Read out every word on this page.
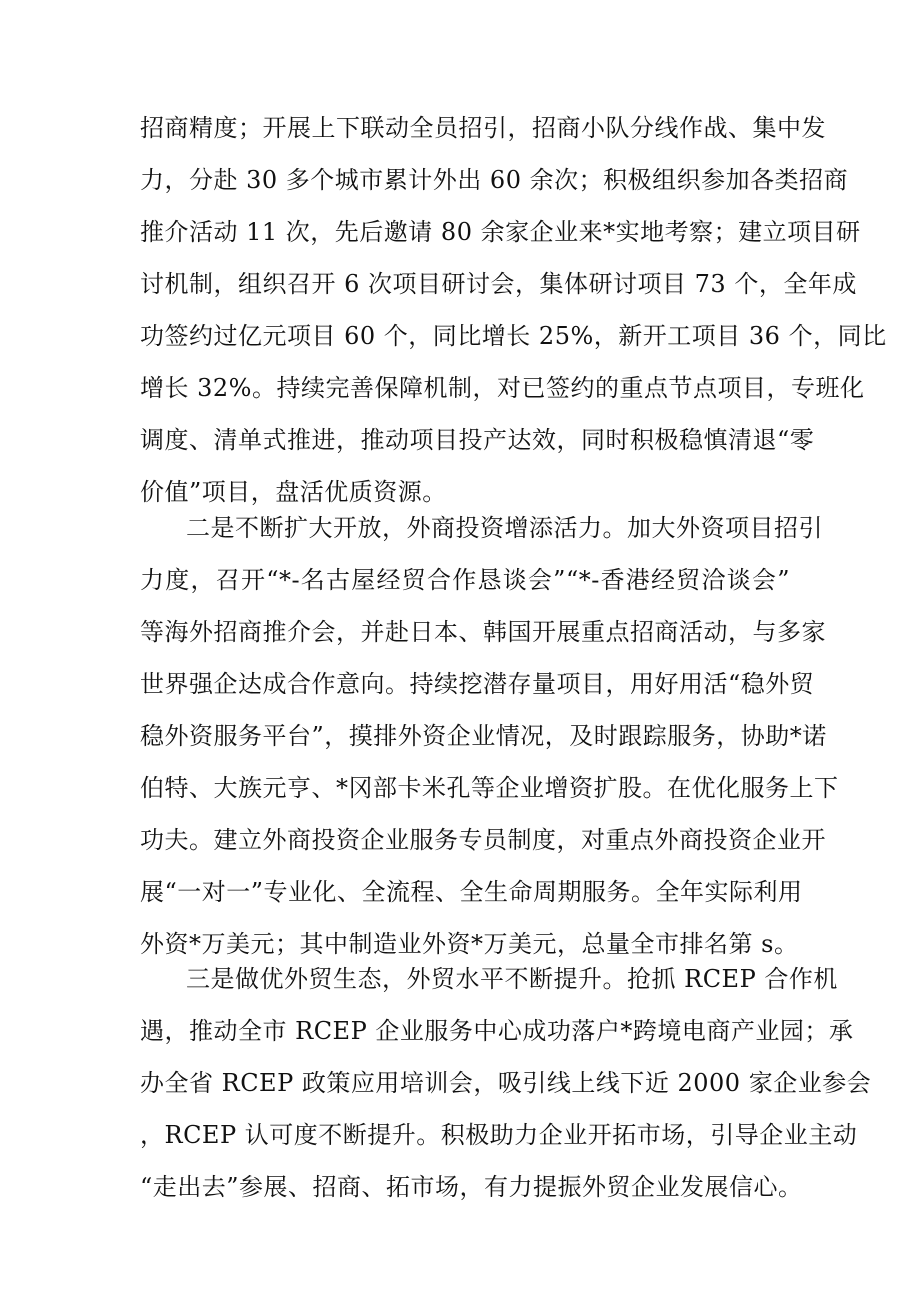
招商精度；开展上下联动全员招引，招商小队分线作战、集中发
力，分赴 30 多个城市累计外出 60 余次；积极组织参加各类招商
推介活动 11 次，先后邀请 80 余家企业来*实地考察；建立项目研
讨机制，组织召开 6 次项目研讨会，集体研讨项目 73 个，全年成
功签约过亿元项目 60 个，同比增长 25%，新开工项目 36 个，同比
增长 32%。持续完善保障机制，对已签约的重点节点项目，专班化
调度、清单式推进，推动项目投产达效，同时积极稳慎清退“零
价值”项目，盘活优质资源。
二是不断扩大开放，外商投资增添活力。加大外资项目招引
力度，召开“*-名古屋经贸合作恳谈会”“*-香港经贸洽谈会”
等海外招商推介会，并赴日本、韩国开展重点招商活动，与多家
世界强企达成合作意向。持续挖潜存量项目，用好用活“稳外贸
稳外资服务平台”，摸排外资企业情况，及时跟踪服务，协助*诺
伯特、大族元亨、*冈部卡米孔等企业增资扩股。在优化服务上下
功夫。建立外商投资企业服务专员制度，对重点外商投资企业开
展“一对一”专业化、全流程、全生命周期服务。全年实际利用
外资*万美元；其中制造业外资*万美元，总量全市排名第 s。
三是做优外贸生态，外贸水平不断提升。抢抓 RCEP 合作机
遇，推动全市 RCEP 企业服务中心成功落户*跨境电商产业园；承
办全省 RCEP 政策应用培训会，吸引线上线下近 2000 家企业参会
，RCEP 认可度不断提升。积极助力企业开拓市场，引导企业主动
“走出去”参展、招商、拓市场，有力提振外贸企业发展信心。
